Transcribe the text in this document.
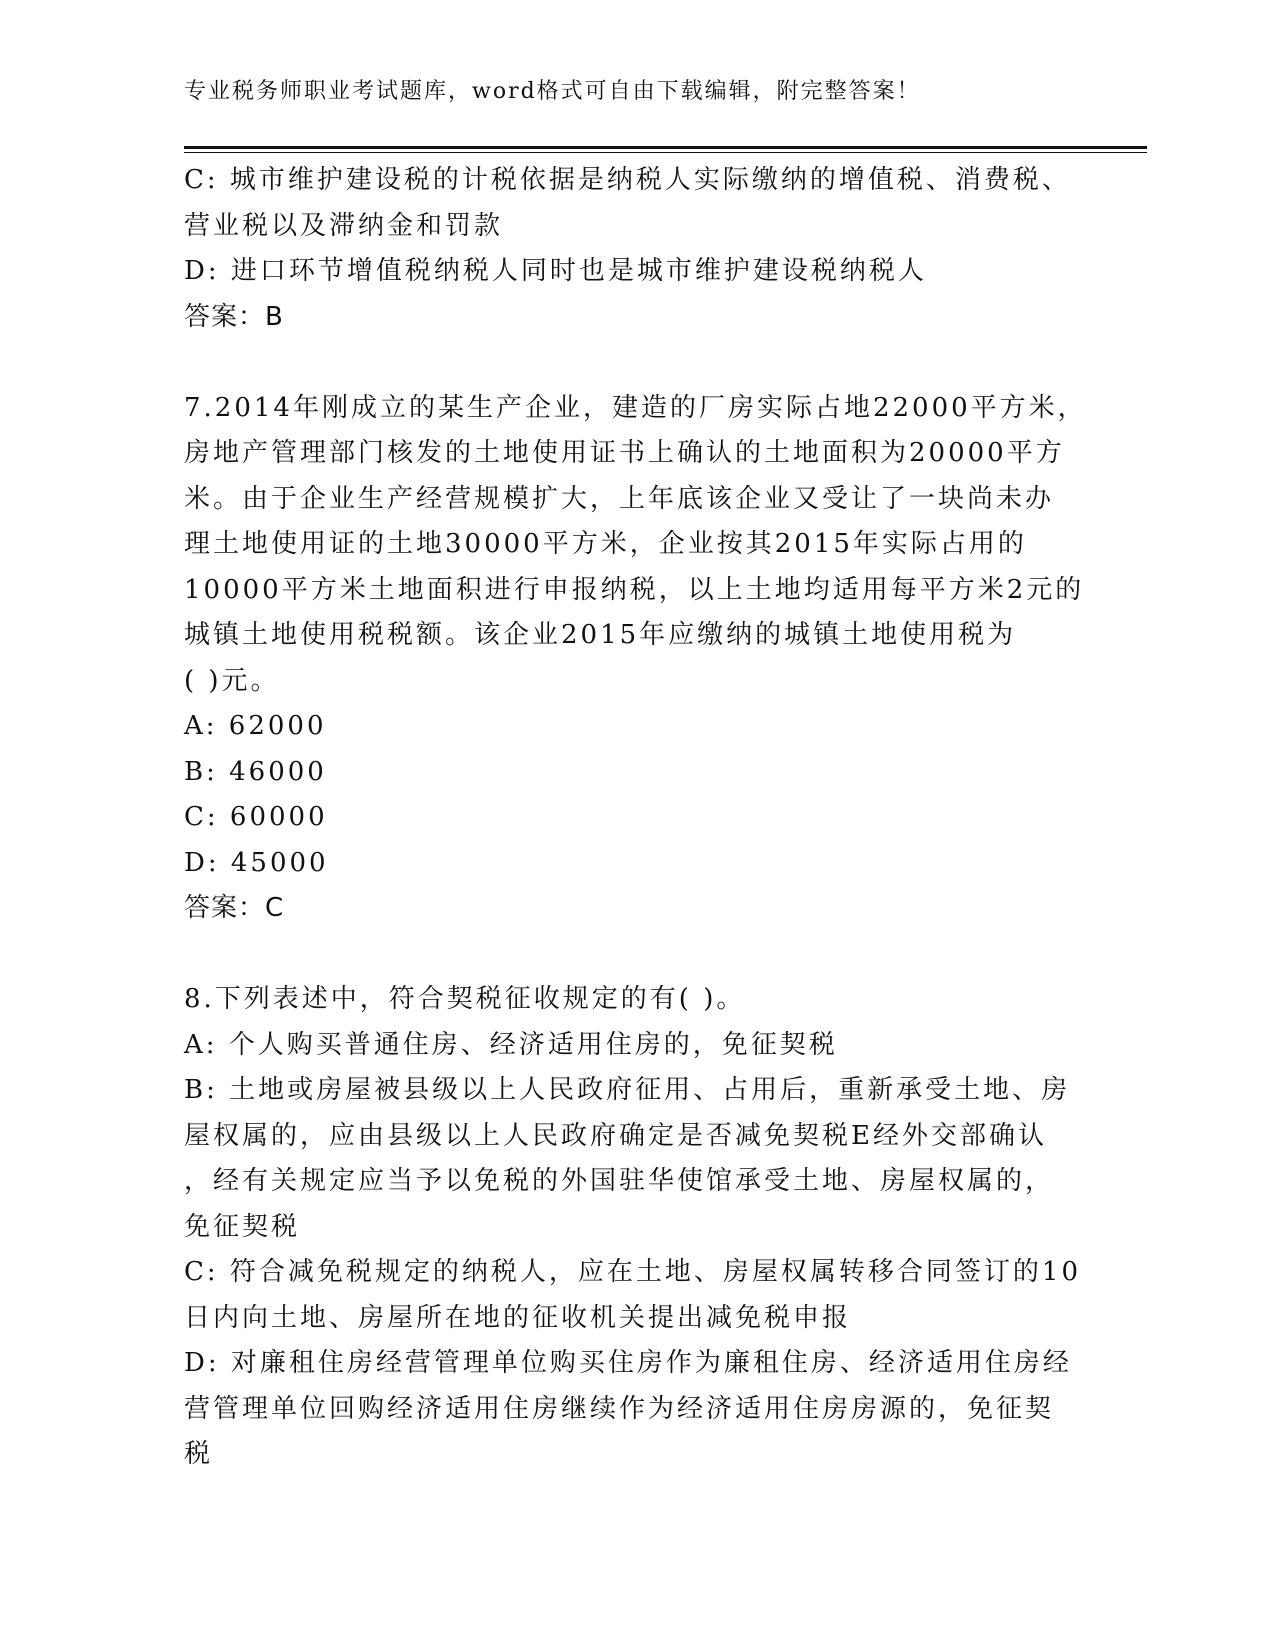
专业税务师职业考试题库，word格式可自由下载编辑，附完整答案！
C: 城市维护建设税的计税依据是纳税人实际缴纳的增值税、消费税、
营业税以及滞纳金和罚款
D: 进口环节增值税纳税人同时也是城市维护建设税纳税人
答案：B
7.2014年刚成立的某生产企业，建造的厂房实际占地22000平方米，
房地产管理部门核发的土地使用证书上确认的土地面积为20000平方
米。由于企业生产经营规模扩大，上年底该企业又受让了一块尚未办
理土地使用证的土地30000平方米，企业按其2015年实际占用的
10000平方米土地面积进行申报纳税，以上土地均适用每平方米2元的
城镇土地使用税税额。该企业2015年应缴纳的城镇土地使用税为
( )元。
A: 62000
B: 46000
C: 60000
D: 45000
答案：C
8.下列表述中，符合契税征收规定的有( )。
A: 个人购买普通住房、经济适用住房的，免征契税
B: 土地或房屋被县级以上人民政府征用、占用后，重新承受土地、房
屋权属的，应由县级以上人民政府确定是否减免契税E经外交部确认
，经有关规定应当予以免税的外国驻华使馆承受土地、房屋权属的，
免征契税
C: 符合减免税规定的纳税人，应在土地、房屋权属转移合同签订的10
日内向土地、房屋所在地的征收机关提出减免税申报
D: 对廉租住房经营管理单位购买住房作为廉租住房、经济适用住房经
营管理单位回购经济适用住房继续作为经济适用住房房源的，免征契
税
